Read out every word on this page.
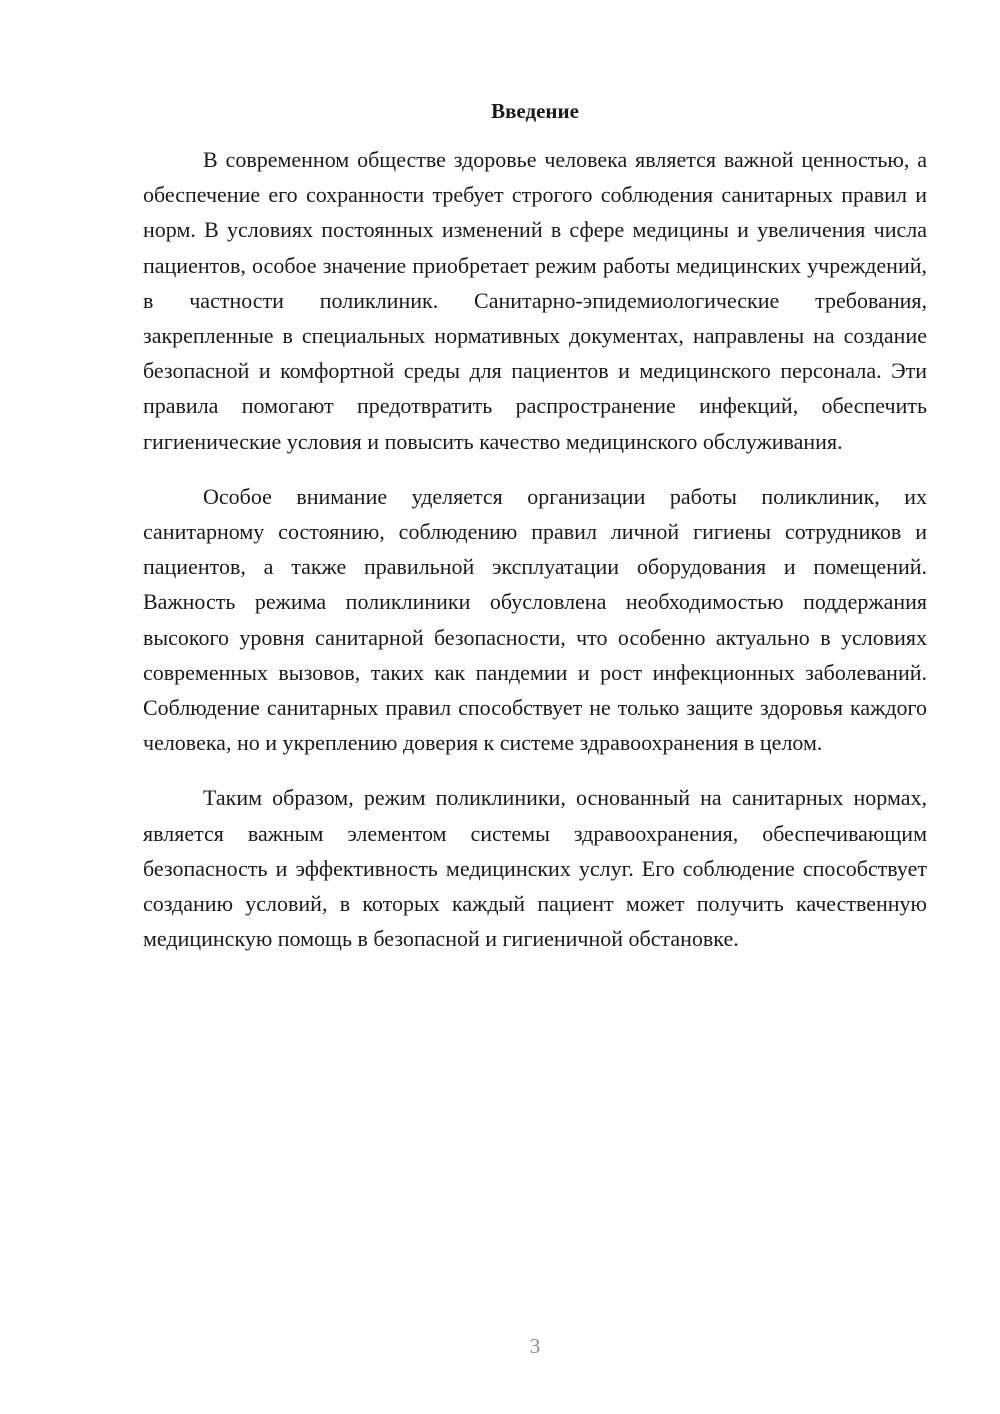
Введение

В современном обществе здоровье человека является важной ценностью, а обеспечение его сохранности требует строгого соблюдения санитарных правил и норм. В условиях постоянных изменений в сфере медицины и увеличения числа пациентов, особое значение приобретает режим работы медицинских учреждений, в частности поликлиник. Санитарно-эпидемиологические требования, закрепленные в специальных нормативных документах, направлены на создание безопасной и комфортной среды для пациентов и медицинского персонала. Эти правила помогают предотвратить распространение инфекций, обеспечить гигиенические условия и повысить качество медицинского обслуживания.

Особое внимание уделяется организации работы поликлиник, их санитарному состоянию, соблюдению правил личной гигиены сотрудников и пациентов, а также правильной эксплуатации оборудования и помещений. Важность режима поликлиники обусловлена необходимостью поддержания высокого уровня санитарной безопасности, что особенно актуально в условиях современных вызовов, таких как пандемии и рост инфекционных заболеваний. Соблюдение санитарных правил способствует не только защите здоровья каждого человека, но и укреплению доверия к системе здравоохранения в целом.

Таким образом, режим поликлиники, основанный на санитарных нормах, является важным элементом системы здравоохранения, обеспечивающим безопасность и эффективность медицинских услуг. Его соблюдение способствует созданию условий, в которых каждый пациент может получить качественную медицинскую помощь в безопасной и гигиеничной обстановке.

3
